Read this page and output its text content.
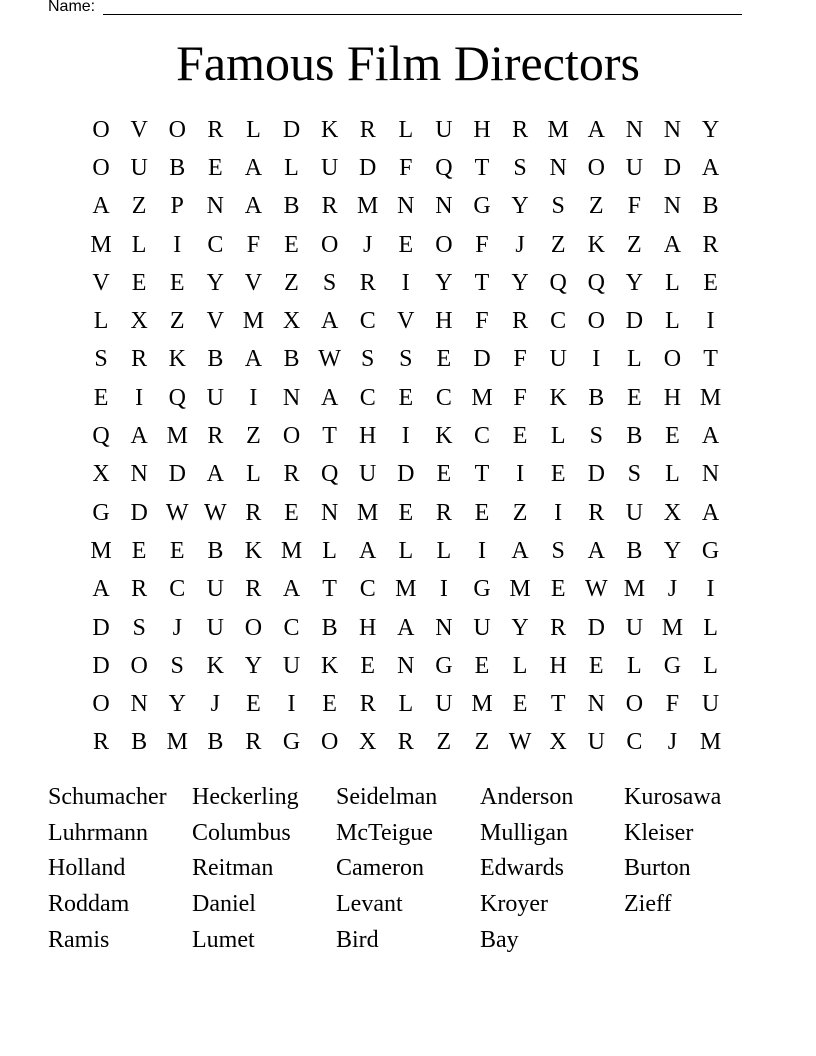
Name:
Famous Film Directors
O V O R L D K R L U H R M A N N Y
O U B E A L U D F Q T	S N O U D A
A Z	P N A B R M N N G Y S	Z	F N B
M L	I	C F	E O	J	E O F	J	Z K Z A R
V E E Y V Z	S R	I	Y T Y Q Q Y L E
L X Z V M X A C V H F R C O D L	I
S R K B A B W S	S	E D F U	I	L O T
E	I	Q U	I	N A C E C M F K B E H M
Q A M R Z O T H	I	K C E L	S B E A
X N D A L R Q U D E T	I	E D S	L N
G D W W R E N M E R E Z	I	R U X A
M E E B K M L A L L	I	A S A B Y G
A R C U R A T C M I	G M E W M J	I
D S	J	U O C B H A N U Y R D U M L
D O S K Y U K E N G E L H E L G L
O N Y	J	E	I	E R L U M E T N O F U
R B M B R G O X R Z Z W X U C	J M
Schumacher	Heckerling	Seidelman	Anderson	Kurosawa
Luhrmann	Columbus	McTeigue	Mulligan	Kleiser
Holland	Reitman	Cameron	Edwards	Burton
Roddam	Daniel	Levant	Kroyer	Zieff
Ramis	Lumet	Bird	Bay
